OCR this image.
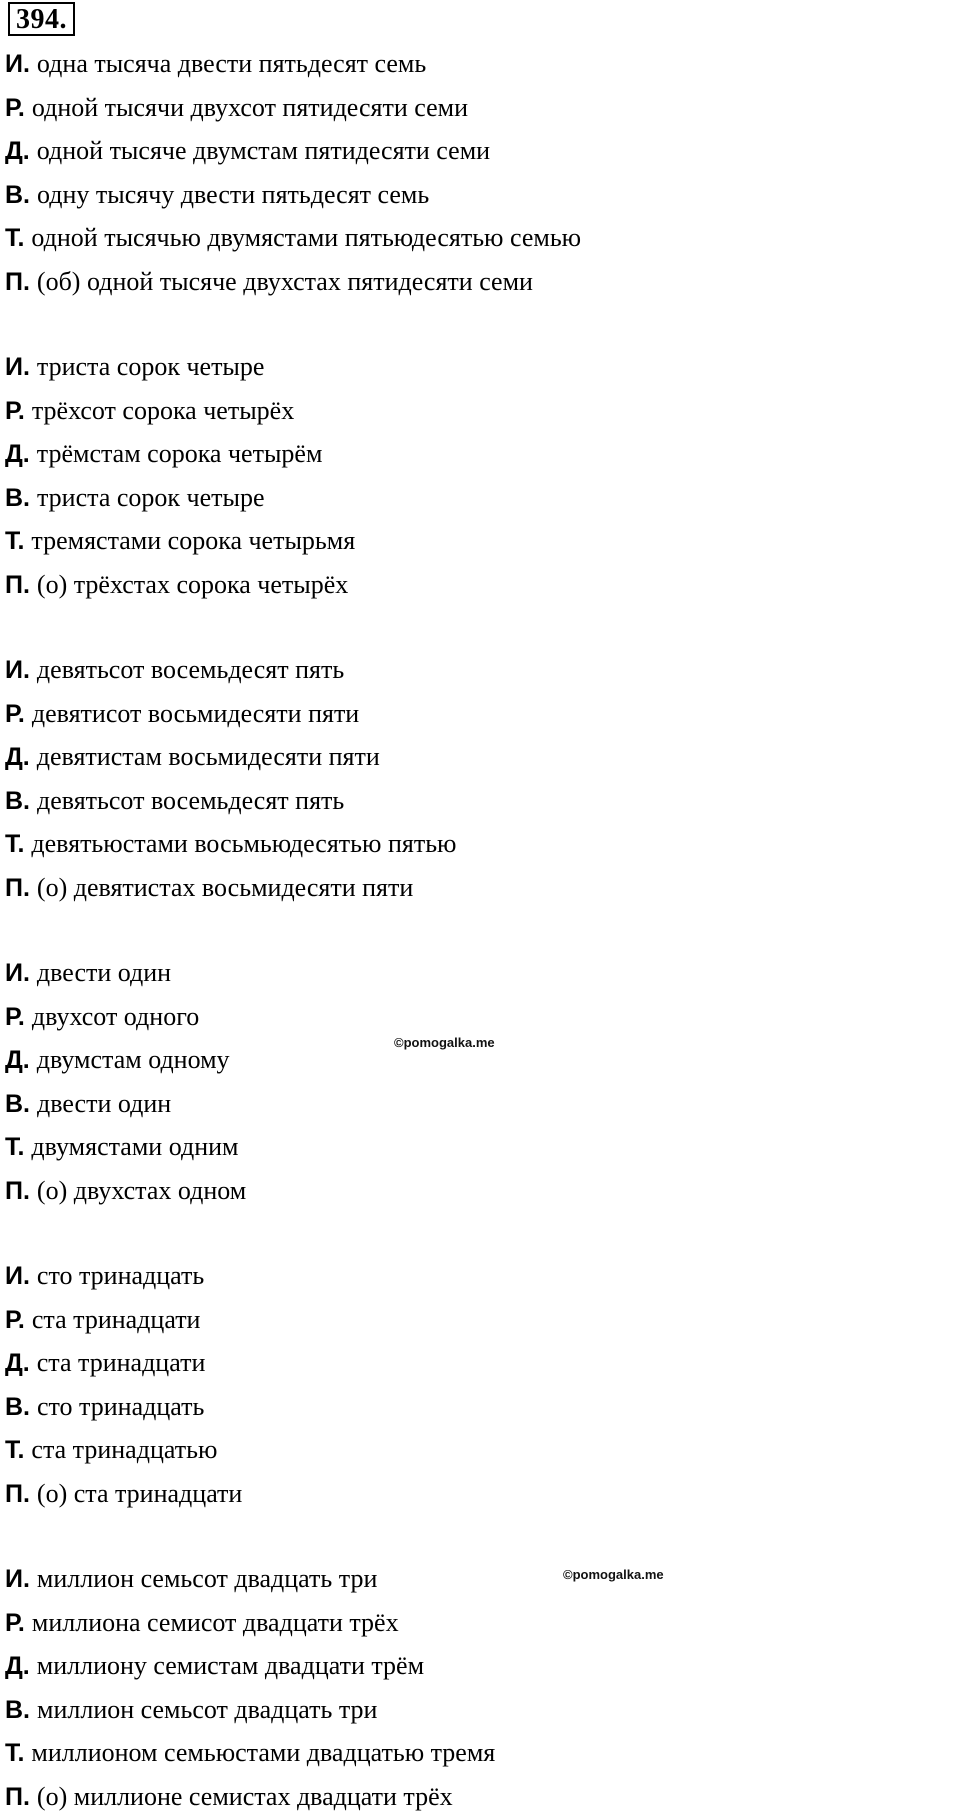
394.
И. одна тысяча двести пятьдесят семь
Р. одной тысячи двухсот пятидесяти семи
Д. одной тысяче двумстам пятидесяти семи
В. одну тысячу двести пятьдесят семь
Т. одной тысячью двумястами пятьюдесятью семью
П. (об) одной тысяче двухстах пятидесяти семи
И. триста сорок четыре
Р. трёхсот сорока четырёх
Д. трёмстам сорока четырём
В. триста сорок четыре
Т. тремястами сорока четырьмя
П. (о) трёхстах сорока четырёх
И. девятьсот восемьдесят пять
Р. девятисот восьмидесяти пяти
Д. девятистам восьмидесяти пяти
В. девятьсот восемьдесят пять
Т. девятьюстами восьмьюдесятью пятью
П. (о) девятистах восьмидесяти пяти
И. двести один
Р. двухсот одного
Д. двумстам одному
В. двести один
Т. двумястами одним
П. (о) двухстах одном
И. сто тринадцать
Р. ста тринадцати
Д. ста тринадцати
В. сто тринадцать
Т. ста тринадцатью
П. (о) ста тринадцати
И. миллион семьсот двадцать три
Р. миллиона семисот двадцати трёх
Д. миллиону семистам двадцати трём
В. миллион семьсот двадцать три
Т. миллионом семьюстами двадцатью тремя
П. (о) миллионе семистах двадцати трёх
©pomogalka.me
©pomogalka.me
